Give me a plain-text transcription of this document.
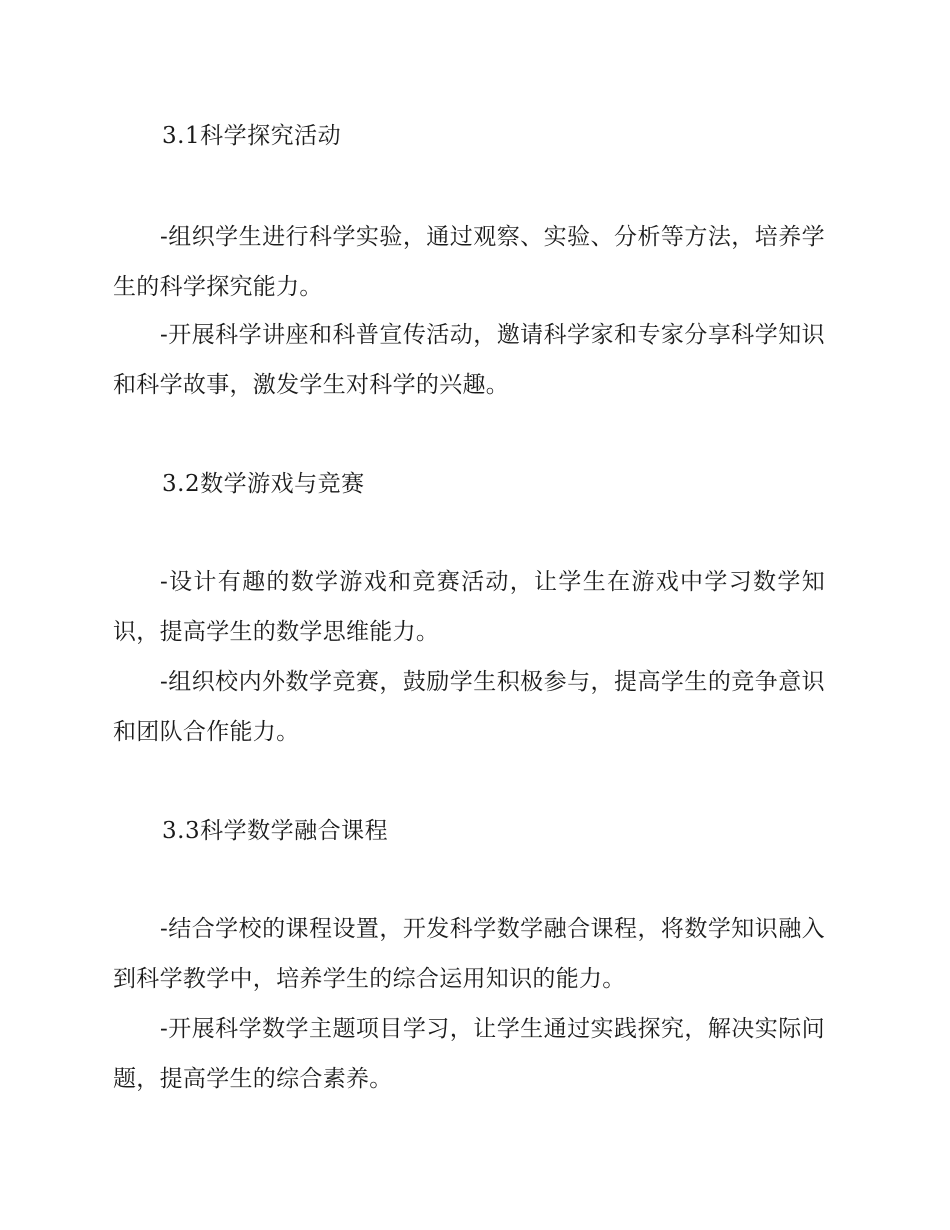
3.1科学探究活动
-组织学生进行科学实验，通过观察、实验、分析等方法，培养学生的科学探究能力。
-开展科学讲座和科普宣传活动，邀请科学家和专家分享科学知识和科学故事，激发学生对科学的兴趣。
3.2数学游戏与竞赛
-设计有趣的数学游戏和竞赛活动，让学生在游戏中学习数学知识，提高学生的数学思维能力。
-组织校内外数学竞赛，鼓励学生积极参与，提高学生的竞争意识和团队合作能力。
3.3科学数学融合课程
-结合学校的课程设置，开发科学数学融合课程，将数学知识融入到科学教学中，培养学生的综合运用知识的能力。
-开展科学数学主题项目学习，让学生通过实践探究，解决实际问题，提高学生的综合素养。
